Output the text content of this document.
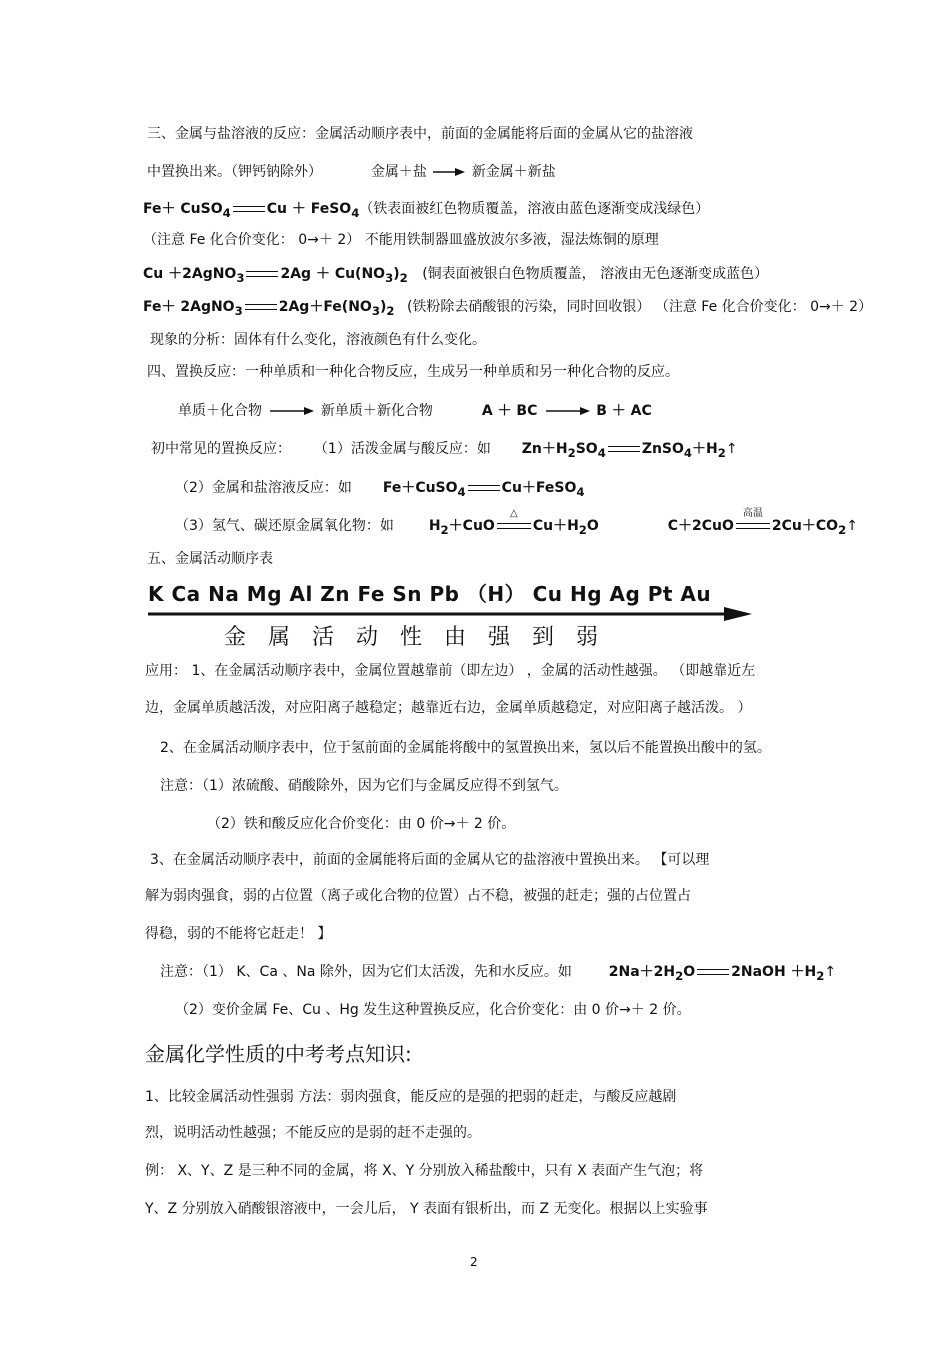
三、金属与盐溶液的反应：金属活动顺序表中，前面的金属能将后面的金属从它的盐溶液
中置换出来。（钾钙钠除外）	金属＋盐	新金属＋新盐
Fe＋ CuSO$_4$	Cu ＋ FeSO$_4$（铁表面被红色物质覆盖，溶液由蓝色逐渐变成浅绿色）
（注意 Fe 化合价变化： 0→＋ 2） 不能用铁制器皿盛放波尔多液，湿法炼铜的原理
Cu ＋2AgNO$_3$	$2Ag + Cu(NO_3)_2$ (铜表面被银白色物质覆盖， 溶液由无色逐渐变成蓝色）
Fe＋ 2AgNO$_3$	$2Ag+Fe(NO_3)_2$ (铁粉除去硝酸银的污染，同时回收银） （注意 Fe 化合价变化： 0→＋ 2）
现象的分析：固体有什么变化，溶液颜色有什么变化。
四、置换反应：一种单质和一种化合物反应，生成另一种单质和另一种化合物的反应。
单质＋化合物	新单质＋新化合物	A ＋ BC	B ＋ AC
初中常见的置换反应： （1）活泼金属与酸反应：如 $Zn+H_2SO_4$	$ZnSO_4+H_2↑$
（2）金属和盐溶液反应：如 Fe＋CuSO$_4$	Cu＋FeSO$_4$
（3）氢气、碳还原金属氧化物：如 $H_2+CuO$
△
$Cu+H_2O$	C＋2CuO
高温
$2Cu+CO_2↑$
五、金属活动顺序表
K Ca Na Mg Al Zn Fe Sn Pb （H） Cu Hg Ag Pt Au
金属活动性由强到弱
应用： 1、在金属活动顺序表中，金属位置越靠前（即左边） ，金属的活动性越强。 （即越靠近左
边，金属单质越活泼，对应阳离子越稳定；越靠近右边，金属单质越稳定，对应阳离子越活泼。 ）
2、在金属活动顺序表中，位于氢前面的金属能将酸中的氢置换出来，氢以后不能置换出酸中的氢。
注意：（1）浓硫酸、硝酸除外，因为它们与金属反应得不到氢气。
（2）铁和酸反应化合价变化：由 0 价→＋ 2 价。
3、在金属活动顺序表中，前面的金属能将后面的金属从它的盐溶液中置换出来。 【可以理
解为弱肉强食，弱的占位置（离子或化合物的位置）占不稳，被强的赶走；强的占位置占
得稳，弱的不能将它赶走！ 】
注意：（1） K、Ca 、Na 除外，因为它们太活泼，先和水反应。如	$2Na+2H_2O$	2NaOH $+H_2↑$
（2）变价金属 Fe、Cu 、Hg 发生这种置换反应，化合价变化：由 0 价→＋ 2 价。
金属化学性质的中考考点知识:
1、比较金属活动性强弱 方法：弱肉强食，能反应的是强的把弱的赶走，与酸反应越剧
烈，说明活动性越强；不能反应的是弱的赶不走强的。
例： X、Y、Z 是三种不同的金属，将 X、Y 分别放入稀盐酸中，只有 X 表面产生气泡；将
Y、Z 分别放入硝酸银溶液中，一会儿后， Y 表面有银析出，而 Z 无变化。根据以上实验事
2
